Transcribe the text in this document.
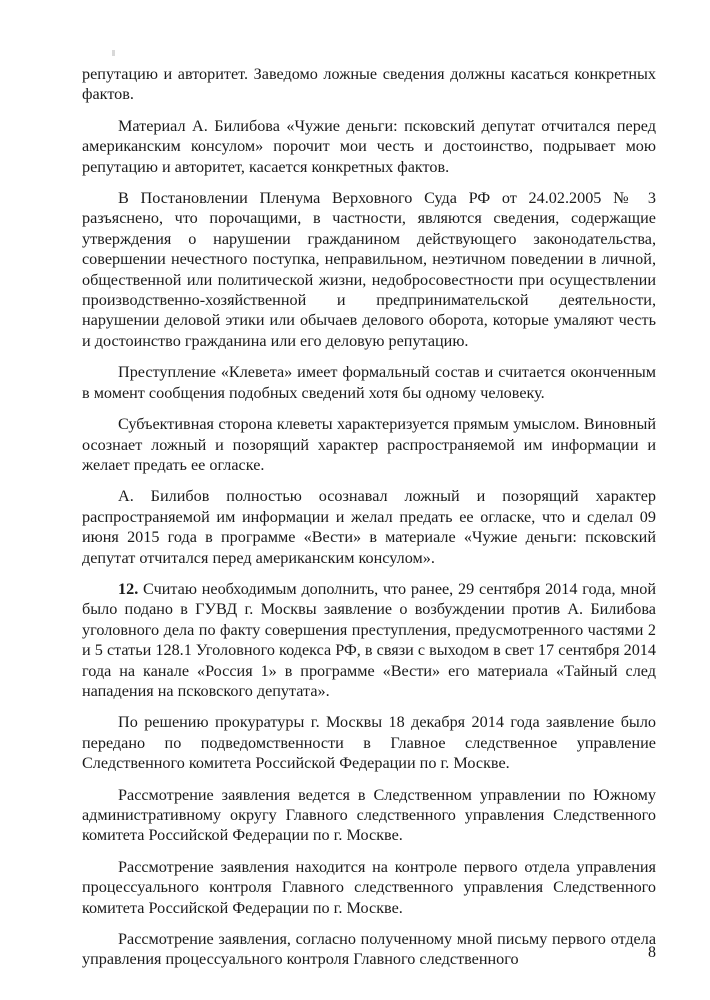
репутацию и авторитет. Заведомо ложные сведения должны касаться конкретных фактов.

Материал А. Билибова «Чужие деньги: псковский депутат отчитался перед американским консулом» порочит мои честь и достоинство, подрывает мою репутацию и авторитет, касается конкретных фактов.

В Постановлении Пленума Верховного Суда РФ от 24.02.2005 № 3 разъяснено, что порочащими, в частности, являются сведения, содержащие утверждения о нарушении гражданином действующего законодательства, совершении нечестного поступка, неправильном, неэтичном поведении в личной, общественной или политической жизни, недобросовестности при осуществлении производственно-хозяйственной и предпринимательской деятельности, нарушении деловой этики или обычаев делового оборота, которые умаляют честь и достоинство гражданина или его деловую репутацию.

Преступление «Клевета» имеет формальный состав и считается оконченным в момент сообщения подобных сведений хотя бы одному человеку.

Субъективная сторона клеветы характеризуется прямым умыслом. Виновный осознает ложный и позорящий характер распространяемой им информации и желает предать ее огласке.

А. Билибов полностью осознавал ложный и позорящий характер распространяемой им информации и желал предать ее огласке, что и сделал 09 июня 2015 года в программе «Вести» в материале «Чужие деньги: псковский депутат отчитался перед американским консулом».

12. Считаю необходимым дополнить, что ранее, 29 сентября 2014 года, мной было подано в ГУВД г. Москвы заявление о возбуждении против А. Билибова уголовного дела по факту совершения преступления, предусмотренного частями 2 и 5 статьи 128.1 Уголовного кодекса РФ, в связи с выходом в свет 17 сентября 2014 года на канале «Россия 1» в программе «Вести» его материала «Тайный след нападения на псковского депутата».

По решению прокуратуры г. Москвы 18 декабря 2014 года заявление было передано по подведомственности в Главное следственное управление Следственного комитета Российской Федерации по г. Москве.

Рассмотрение заявления ведется в Следственном управлении по Южному административному округу Главного следственного управления Следственного комитета Российской Федерации по г. Москве.

Рассмотрение заявления находится на контроле первого отдела управления процессуального контроля Главного следственного управления Следственного комитета Российской Федерации по г. Москве.

Рассмотрение заявления, согласно полученному мной письму первого отдела управления процессуального контроля Главного следственного	8
